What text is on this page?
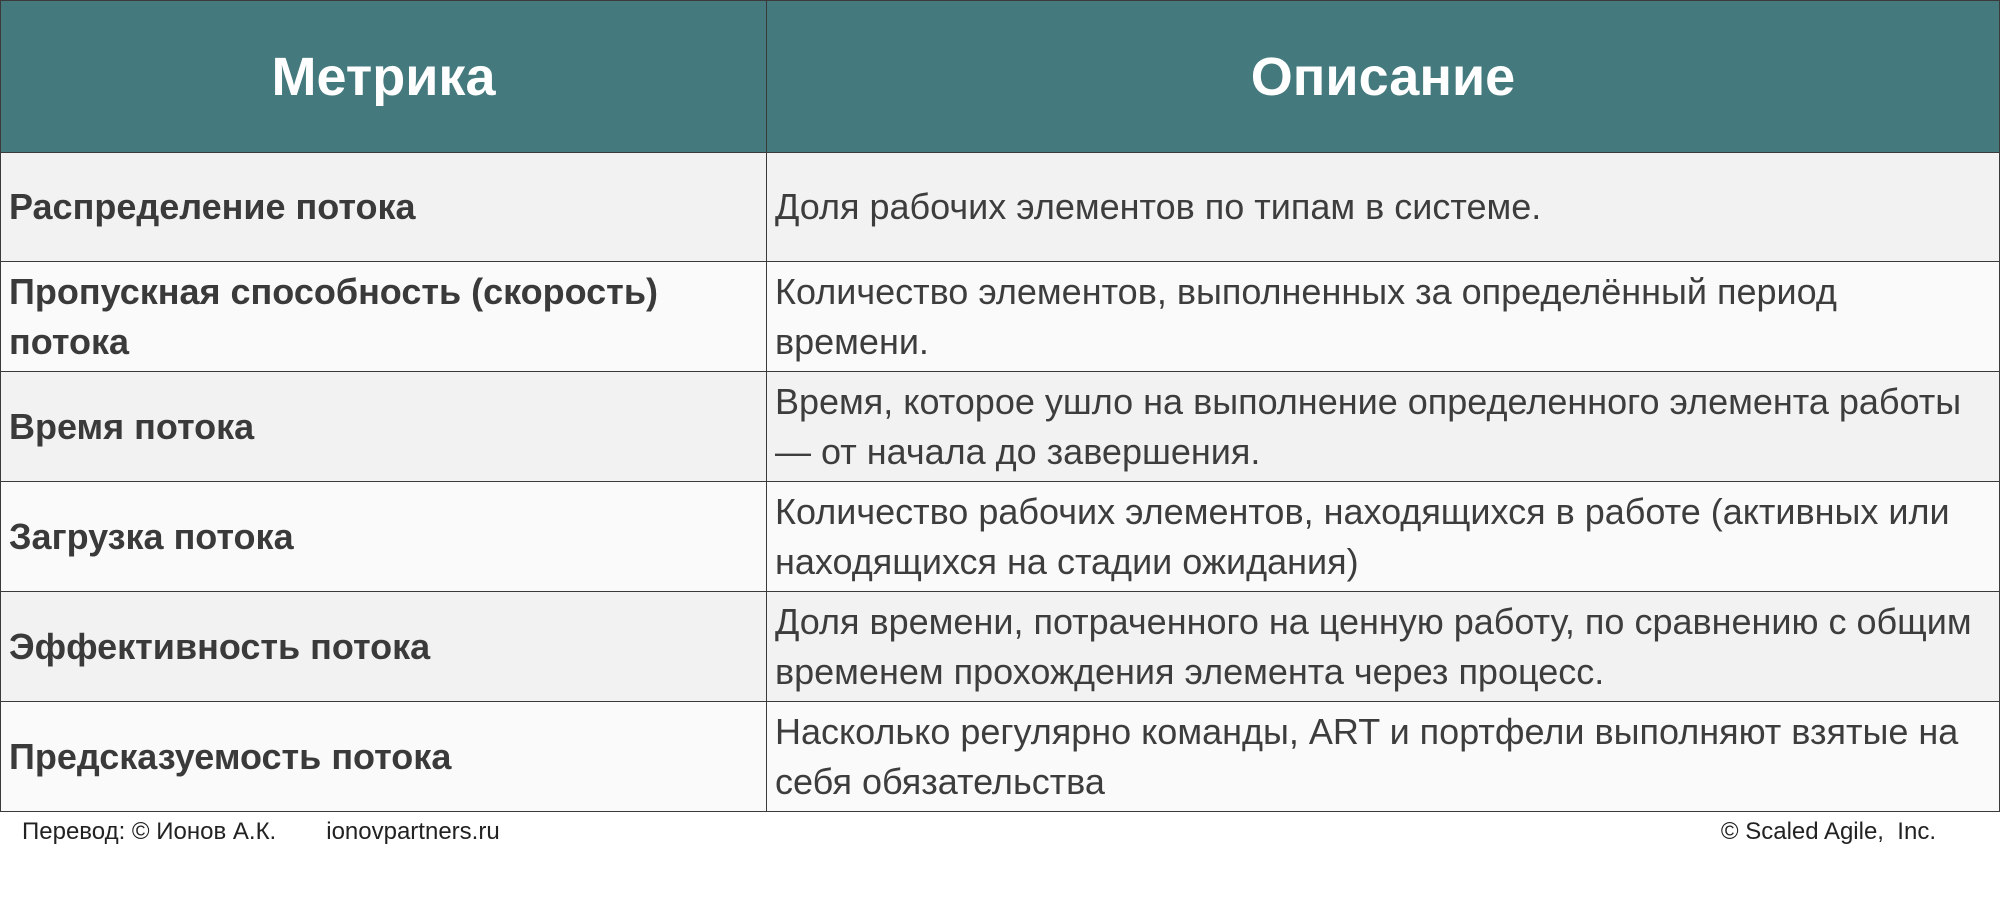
Метрика	Описание
Распределение потока	Доля рабочих элементов по типам в системе.
Пропускная способность (скорость) потока	Количество элементов, выполненных за определённый период времени.
Время потока	Время, которое ушло на выполнение определенного элемента работы — от начала до завершения.
Загрузка потока	Количество рабочих элементов, находящихся в работе (активных или находящихся на стадии ожидания)
Эффективность потока	Доля времени, потраченного на ценную работу, по сравнению с общим временем прохождения элемента через процесс.
Предсказуемость потока	Насколько регулярно команды, ART и портфели выполняют взятые на себя обязательства
Перевод: © Ионов А.К. ionovpartners.ru	© Scaled Agile,  Inc.
